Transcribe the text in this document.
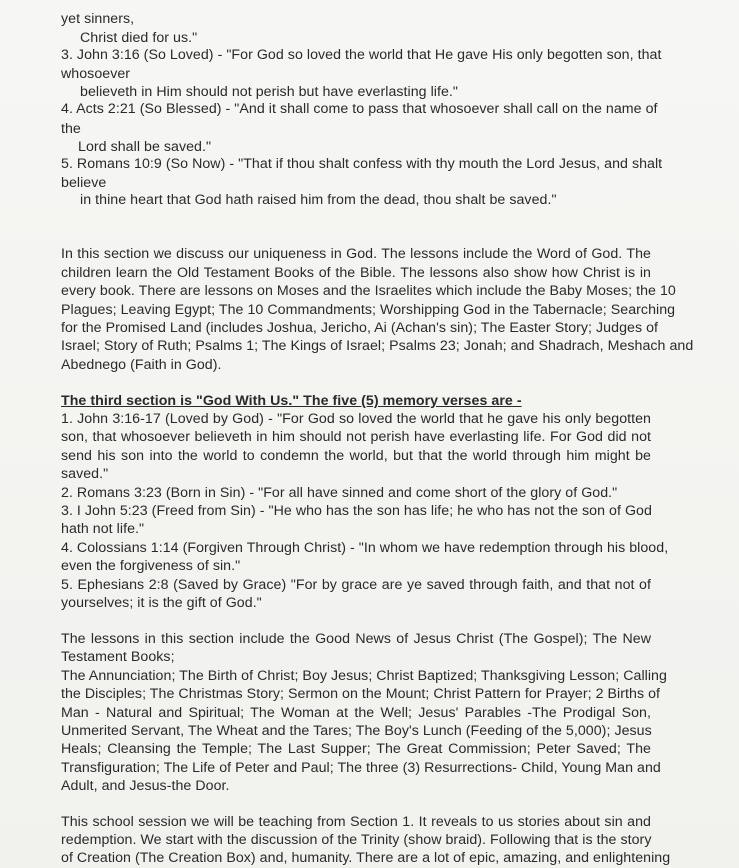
yet sinners,
Christ died for us."
3. John 3:16 (So Loved) - "For God so loved the world that He gave His only begotten son, that
whosoever
believeth in Him should not perish but have everlasting life."
4. Acts 2:21 (So Blessed) - "And it shall come to pass that whosoever shall call on the name of
the
Lord shall be saved."
5. Romans 10:9 (So Now) - "That if thou shalt confess with thy mouth the Lord Jesus, and shalt
believe
in thine heart that God hath raised him from the dead, thou shalt be saved."
In this section we discuss our uniqueness in God. The lessons include the Word of God. The
children learn the Old Testament Books of the Bible. The lessons also show how Christ is in
every book. There are lessons on Moses and the Israelites which include the Baby Moses; the 10
Plagues; Leaving Egypt; The 10 Commandments; Worshipping God in the Tabernacle; Searching
for the Promised Land (includes Joshua, Jericho, Ai (Achan's sin); The Easter Story; Judges of
Israel; Story of Ruth; Psalms 1; The Kings of Israel; Psalms 23; Jonah; and Shadrach, Meshach and
Abednego (Faith in God).
The third section is "God With Us." The five (5) memory verses are -
1. John 3:16-17 (Loved by God) - "For God so loved the world that he gave his only begotten
son, that whosoever believeth in him should not perish have everlasting life. For God did not
send his son into the world to condemn the world, but that the world through him might be
saved."
2. Romans 3:23 (Born in Sin) - "For all have sinned and come short of the glory of God."
3. I John 5:23 (Freed from Sin) - "He who has the son has life; he who has not the son of God
hath not life."
4. Colossians 1:14 (Forgiven Through Christ) - "In whom we have redemption through his blood,
even the forgiveness of sin."
5. Ephesians 2:8 (Saved by Grace) "For by grace are ye saved through faith, and that not of
yourselves; it is the gift of God."
The lessons in this section include the Good News of Jesus Christ (The Gospel); The New
Testament Books;
The Annunciation; The Birth of Christ; Boy Jesus; Christ Baptized; Thanksgiving Lesson; Calling
the Disciples; The Christmas Story; Sermon on the Mount; Christ Pattern for Prayer; 2 Births of
Man - Natural and Spiritual; The Woman at the Well; Jesus' Parables -The Prodigal Son,
Unmerited Servant, The Wheat and the Tares; The Boy's Lunch (Feeding of the 5,000); Jesus
Heals; Cleansing the Temple; The Last Supper; The Great Commission; Peter Saved; The
Transfiguration; The Life of Peter and Paul; The three (3) Resurrections- Child, Young Man and
Adult, and Jesus-the Door.
This school session we will be teaching from Section 1. It reveals to us stories about sin and
redemption. We start with the discussion of the Trinity (show braid). Following that is the story
of Creation (The Creation Box) and, humanity. There are a lot of epic, amazing, and enlightening
